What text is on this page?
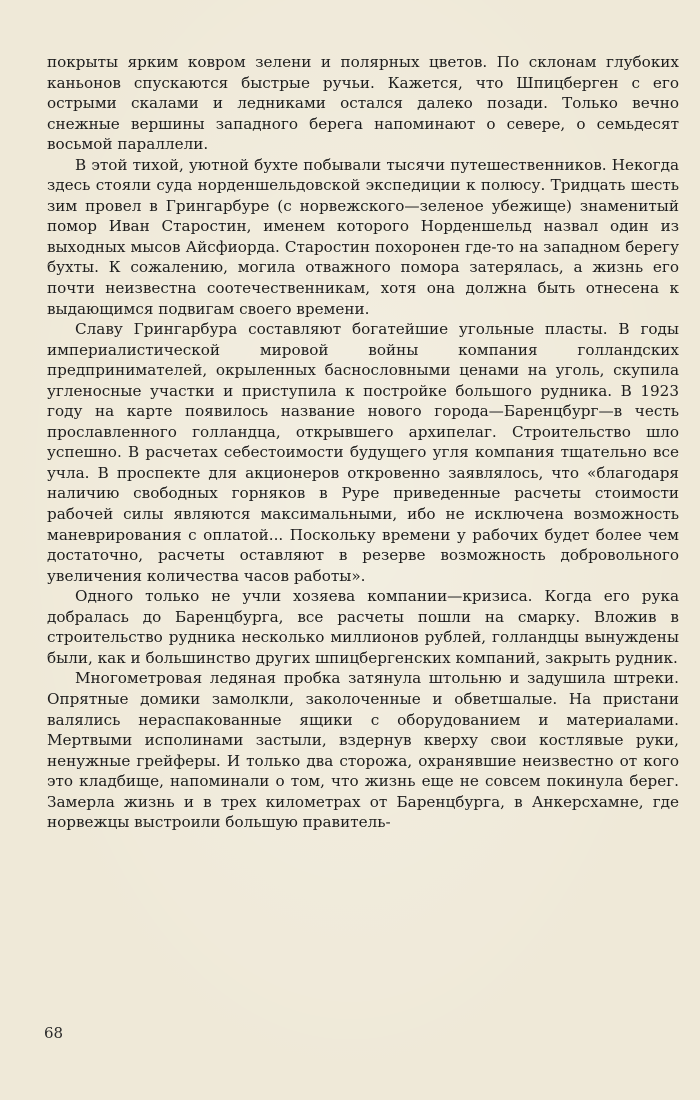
покрыты ярким ковром зелени и полярных цветов. По склонам глубоких каньонов спускаются быстрые ручьи. Кажется, что Шпицберген с его острыми скалами и ледниками остался далеко позади. Только вечно снежные вершины западного берега напоминают о севере, о семьдесят восьмой параллели.

В этой тихой, уютной бухте побывали тысячи путешественников. Некогда здесь стояли суда норденшельдовской экспедиции к полюсу. Тридцать шесть зим провел в Грингарбуре (с норвежского—зеленое убежище) знаменитый помор Иван Старостин, именем которого Норденшельд назвал один из выходных мысов Айсфиорда. Старостин похоронен где-то на западном берегу бухты. К сожалению, могила отважного помора затерялась, а жизнь его почти неизвестна соотечественникам, хотя она должна быть отнесена к выдающимся подвигам своего времени.

Славу Грингарбура составляют богатейшие угольные пласты. В годы империалистической мировой войны компания голландских предпринимателей, окрыленных баснословными ценами на уголь, скупила угленосные участки и приступила к постройке большого рудника. В 1923 году на карте появилось название нового города—Баренцбург—в честь прославленного голландца, открывшего архипелаг. Строительство шло успешно. В расчетах себестоимости будущего угля компания тщательно все учла. В проспекте для акционеров откровенно заявлялось, что «благодаря наличию свободных горняков в Руре приведенные расчеты стоимости рабочей силы являются максимальными, ибо не исключена возможность маневрирования с оплатой... Поскольку времени у рабочих будет более чем достаточно, расчеты оставляют в резерве возможность добровольного увеличения количества часов работы».

Одного только не учли хозяева компании—кризиса. Когда его рука добралась до Баренцбурга, все расчеты пошли на смарку. Вложив в строительство рудника несколько миллионов рублей, голландцы вынуждены были, как и большинство других шпицбергенских компаний, закрыть рудник.

Многометровая ледяная пробка затянула штольню и задушила штреки. Опрятные домики замолкли, заколоченные и обветшалые. На пристани валялись нераспакованные ящики с оборудованием и материалами. Мертвыми исполинами застыли, вздернув кверху свои костлявые руки, ненужные грейферы. И только два сторожа, охранявшие неизвестно от кого это кладбище, напоминали о том, что жизнь еще не совсем покинула берег. Замерла жизнь и в трех километрах от Баренцбурга, в Анкерсхамне, где норвежцы выстроили большую правитель-

68
